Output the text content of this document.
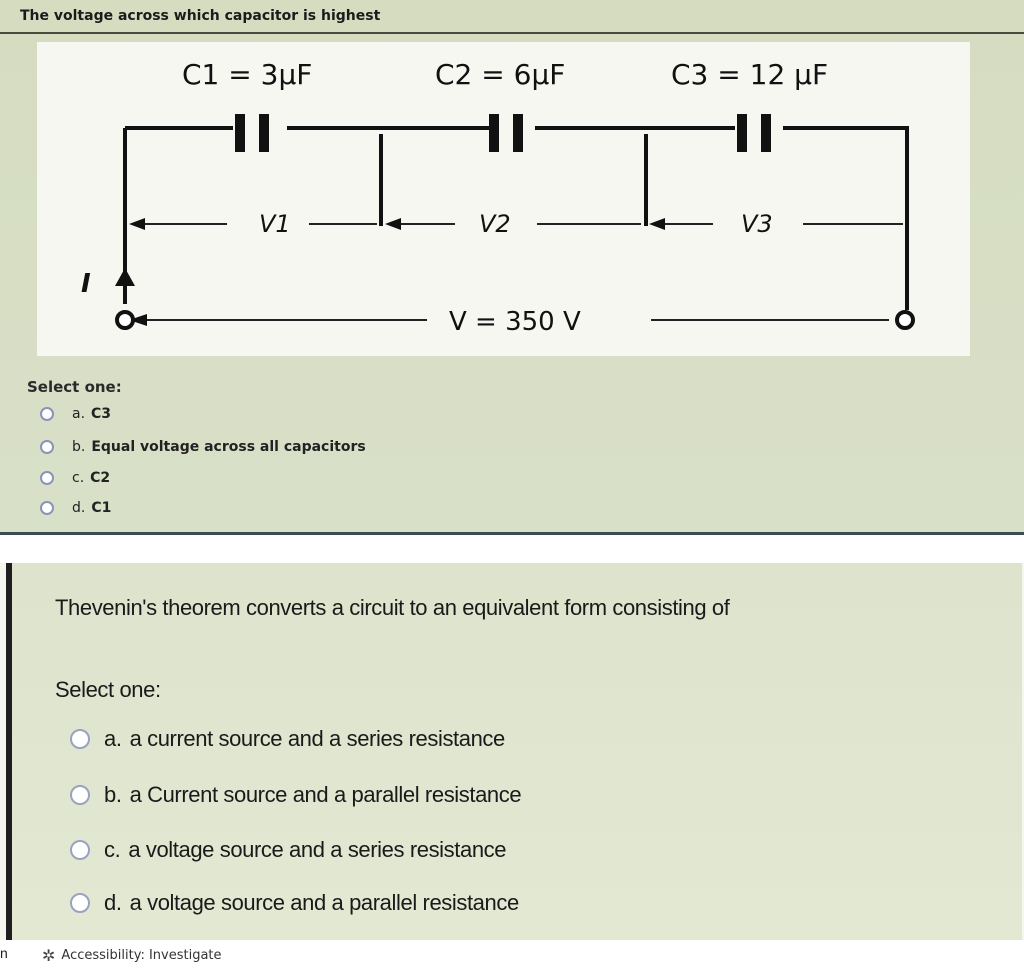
The voltage across which capacitor is highest
C1 = 3μF	C2 = 6μF	C3 = 12 μF
V1	V2	V3
V = 350 V
I
Select one:
a. C3
b. Equal voltage across all capacitors
c. C2
d. C1
Thevenin's theorem converts a circuit to an equivalent form consisting of
Select one:
a. a current source and a series resistance
b. a Current source and a parallel resistance
c. a voltage source and a series resistance
d. a voltage source and a parallel resistance
n ✲ Accessibility: Investigate
